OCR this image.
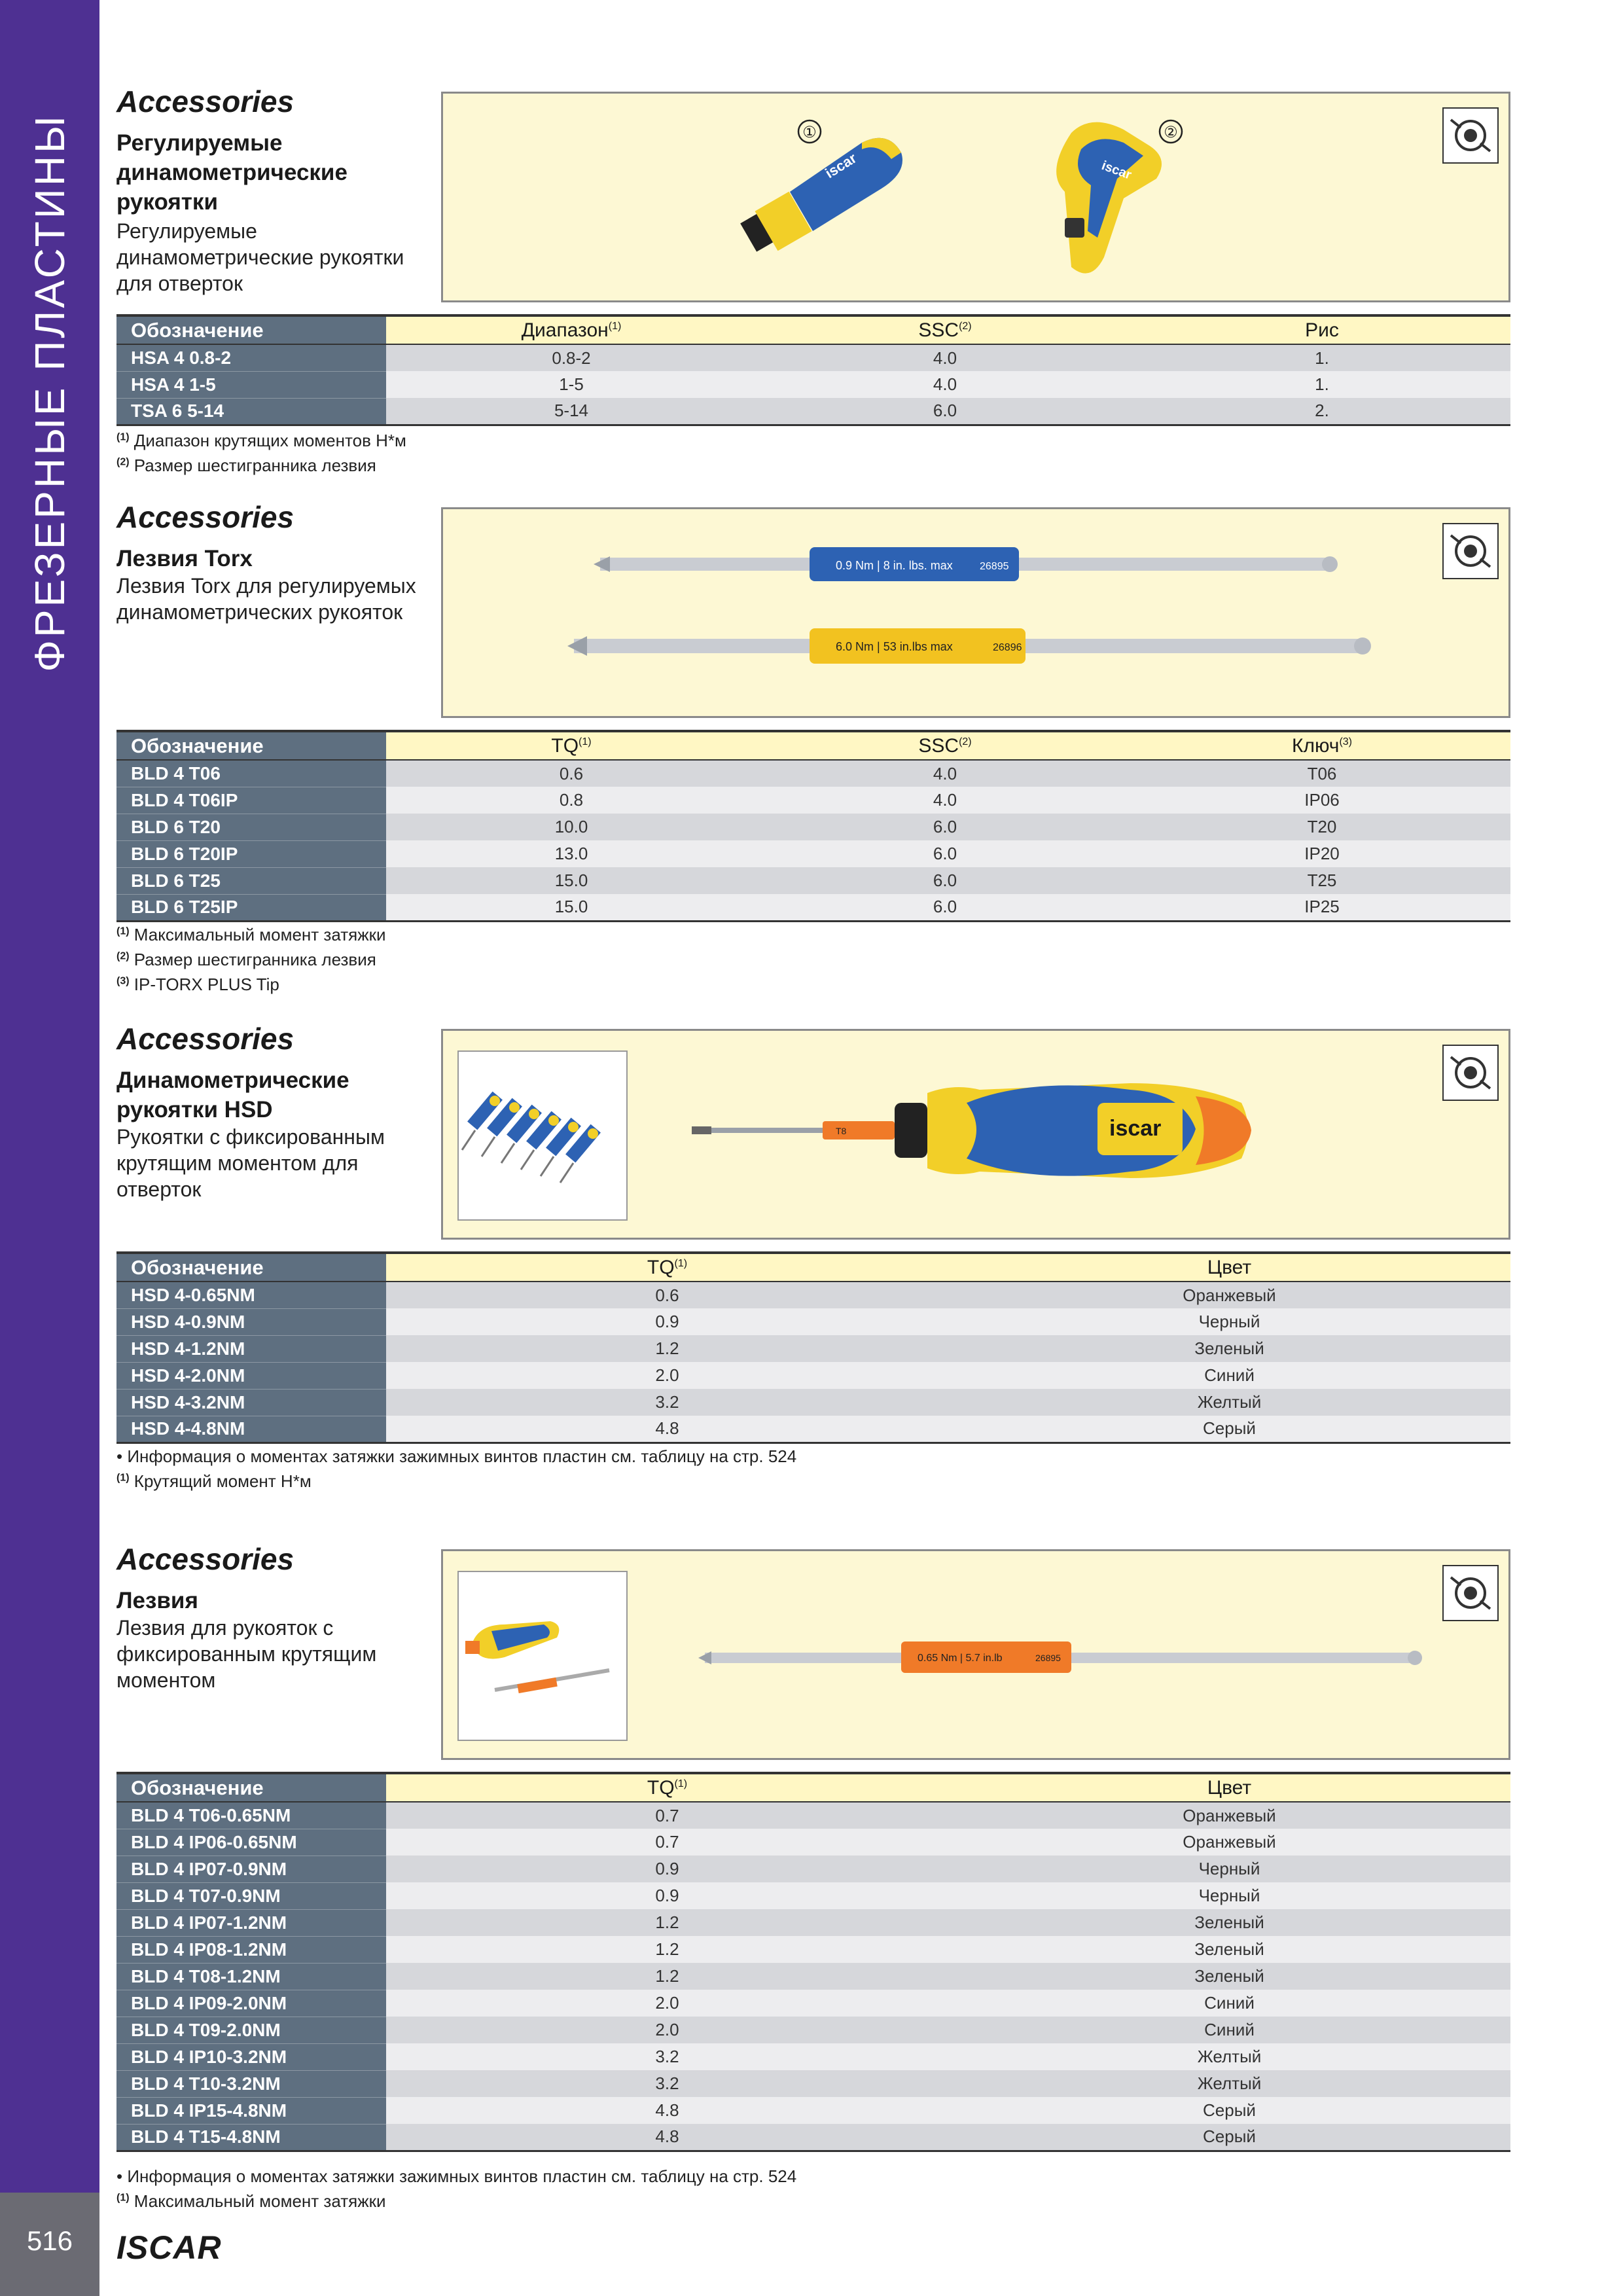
ФРЕЗЕРНЫЕ ПЛАСТИНЫ
516	ISCAR
Accessories
Регулируемые динамометрические рукоятки
Регулируемые динамометрические рукоятки для отверток
①
iscar
②
iscar
Обозначение	Диапазон$^{(1)}$	SSC$^{(2)}$	Рис
HSA 4 0.8-2	0.8-2	4.0	1.
HSA 4 1-5	1-5	4.0	1.
TSA 6 5-14	5-14	6.0	2.
$^{(1)}$ Диапазон крутящих моментов Н*м
$^{(2)}$ Размер шестигранника лезвия
Accessories
Лезвия Torx
Лезвия Torx для регулируемых динамометрических рукояток
0.9 Nm | 8 in. lbs. max	26895
6.0 Nm | 53 in.lbs max	26896
Обозначение	TQ$^{(1)}$	SSC$^{(2)}$	Ключ$^{(3)}$
BLD 4 T06	0.6	4.0	T06
BLD 4 T06IP	0.8	4.0	IP06
BLD 6 T20	10.0	6.0	T20
BLD 6 T20IP	13.0	6.0	IP20
BLD 6 T25	15.0	6.0	T25
BLD 6 T25IP	15.0	6.0	IP25
$^{(1)}$ Максимальный момент затяжки
$^{(2)}$ Размер шестигранника лезвия
$^{(3)}$ IP-TORX PLUS Tip
Accessories
Динамометрические рукоятки HSD
Рукоятки с фиксированным крутящим моментом для отверток
T8	iscar
Обозначение	TQ$^{(1)}$	Цвет
HSD 4-0.65NM	0.6	Оранжевый
HSD 4-0.9NM	0.9	Черный
HSD 4-1.2NM	1.2	Зеленый
HSD 4-2.0NM	2.0	Синий
HSD 4-3.2NM	3.2	Желтый
HSD 4-4.8NM	4.8	Серый
• Информация о моментах затяжки зажимных винтов пластин см. таблицу на стр. 524
$^{(1)}$ Крутящий момент Н*м
Accessories
Лезвия
Лезвия для рукояток с фиксированным крутящим моментом
0.65 Nm | 5.7 in.lb	26895
Обозначение	TQ$^{(1)}$	Цвет
BLD 4 T06-0.65NM	0.7	Оранжевый
BLD 4 IP06-0.65NM	0.7	Оранжевый
BLD 4 IP07-0.9NM	0.9	Черный
BLD 4 T07-0.9NM	0.9	Черный
BLD 4 IP07-1.2NM	1.2	Зеленый
BLD 4 IP08-1.2NM	1.2	Зеленый
BLD 4 T08-1.2NM	1.2	Зеленый
BLD 4 IP09-2.0NM	2.0	Синий
BLD 4 T09-2.0NM	2.0	Синий
BLD 4 IP10-3.2NM	3.2	Желтый
BLD 4 T10-3.2NM	3.2	Желтый
BLD 4 IP15-4.8NM	4.8	Серый
BLD 4 T15-4.8NM	4.8	Серый
• Информация о моментах затяжки зажимных винтов пластин см. таблицу на стр. 524
$^{(1)}$ Максимальный момент затяжки
